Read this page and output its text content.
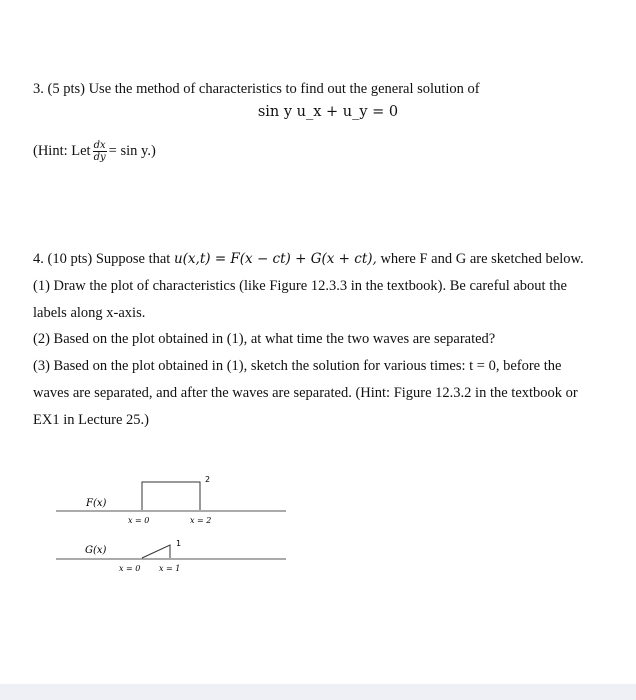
3. (5 pts) Use the method of characteristics to find out the general solution of
sin y u_x + u_y = 0
(Hint: Let $\frac{dx}{dy} = \sin y$.)
4. (10 pts) Suppose that u(x,t) = F(x − ct) + G(x + ct), where F and G are sketched below.
(1) Draw the plot of characteristics (like Figure 12.3.3 in the textbook). Be careful about the
labels along x-axis.
(2) Based on the plot obtained in (1), at what time the two waves are separated?
(3) Based on the plot obtained in (1), sketch the solution for various times: t = 0, before the
waves are separated, and after the waves are separated. (Hint: Figure 12.3.2 in the textbook or
EX1 in Lecture 25.)
F(x)
2
x = 0	x = 2
G(x)
1
x = 0 x = 1
